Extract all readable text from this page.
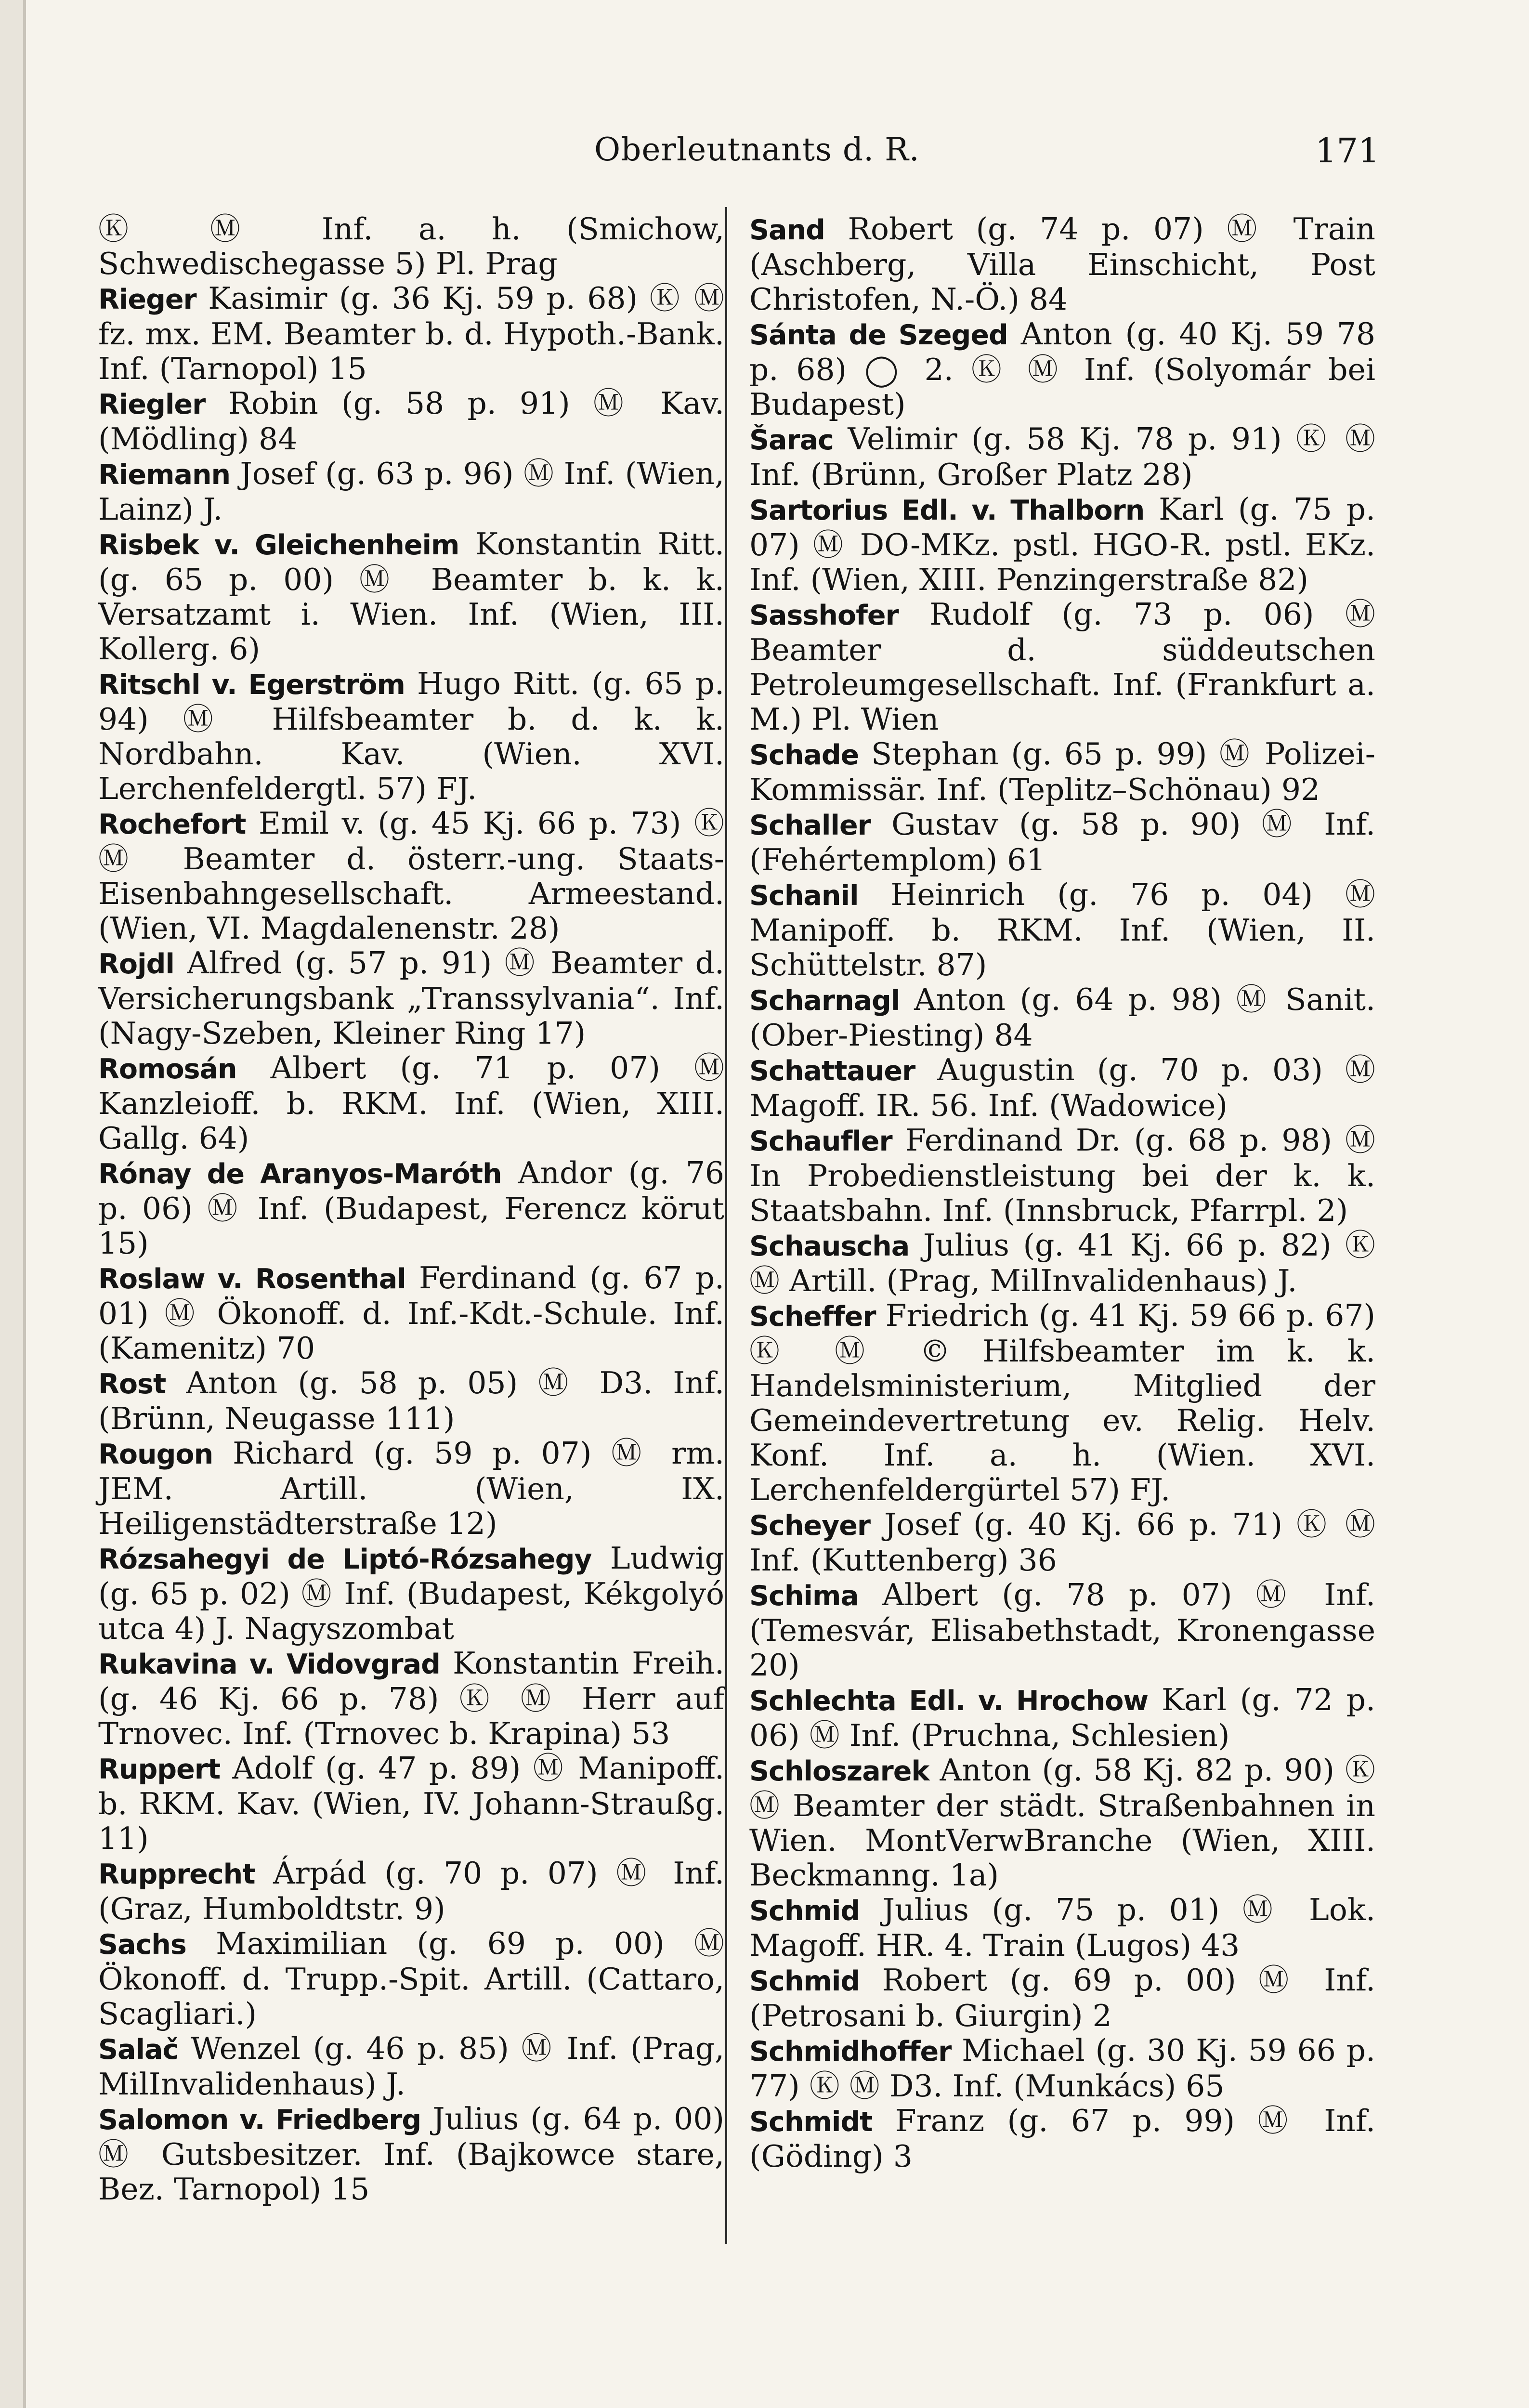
Oberleutnants d. R.	171

Ⓚ Ⓜ Inf. a. h. (Smichow, Schwedischegasse 5) Pl. Prag

Rieger Kasimir (g. 36 Kj. 59 p. 68) Ⓚ Ⓜ fz. mx. EM. Beamter b. d. Hypoth.-Bank. Inf. (Tarnopol) 15

Riegler Robin (g. 58 p. 91) Ⓜ Kav. (Mödling) 84

Riemann Josef (g. 63 p. 96) Ⓜ Inf. (Wien, Lainz) J.

Risbek v. Gleichenheim Konstantin Ritt. (g. 65 p. 00) Ⓜ Beamter b. k. k. Versatzamt i. Wien. Inf. (Wien, III. Kollerg. 6)

Ritschl v. Egerström Hugo Ritt. (g. 65 p. 94) Ⓜ Hilfsbeamter b. d. k. k. Nordbahn. Kav. (Wien. XVI. Lerchenfeldergtl. 57) FJ.

Rochefort Emil v. (g. 45 Kj. 66 p. 73) Ⓚ Ⓜ Beamter d. österr.-ung. Staats-Eisenbahngesellschaft. Armeestand. (Wien, VI. Magdalenenstr. 28)

Rojdl Alfred (g. 57 p. 91) Ⓜ Beamter d. Versicherungsbank „Transsylvania“. Inf. (Nagy-Szeben, Kleiner Ring 17)

Romosán Albert (g. 71 p. 07) Ⓜ Kanzleioff. b. RKM. Inf. (Wien, XIII. Gallg. 64)

Rónay de Aranyos-Maróth Andor (g. 76 p. 06) Ⓜ Inf. (Budapest, Ferencz körut 15)

Roslaw v. Rosenthal Ferdinand (g. 67 p. 01) Ⓜ Ökonoff. d. Inf.-Kdt.-Schule. Inf. (Kamenitz) 70

Rost Anton (g. 58 p. 05) Ⓜ D3. Inf. (Brünn, Neugasse 111)

Rougon Richard (g. 59 p. 07) Ⓜ rm. JEM. Artill. (Wien, IX. Heiligenstädterstraße 12)

Rózsahegyi de Liptó-Rózsahegy Ludwig (g. 65 p. 02) Ⓜ Inf. (Budapest, Kékgolyó utca 4) J. Nagyszombat

Rukavina v. Vidovgrad Konstantin Freih. (g. 46 Kj. 66 p. 78) Ⓚ Ⓜ Herr auf Trnovec. Inf. (Trnovec b. Krapina) 53

Ruppert Adolf (g. 47 p. 89) Ⓜ Manipoff. b. RKM. Kav. (Wien, IV. Johann-Straußg. 11)

Rupprecht Árpád (g. 70 p. 07) Ⓜ Inf. (Graz, Humboldtstr. 9)

Sachs Maximilian (g. 69 p. 00) Ⓜ Ökonoff. d. Trupp.-Spit. Artill. (Cattaro, Scagliari.)

Salač Wenzel (g. 46 p. 85) Ⓜ Inf. (Prag, MilInvalidenhaus) J.

Salomon v. Friedberg Julius (g. 64 p. 00) Ⓜ Gutsbesitzer. Inf. (Bajkowce stare, Bez. Tarnopol) 15

Sand Robert (g. 74 p. 07) Ⓜ Train (Aschberg, Villa Einschicht, Post Christofen, N.-Ö.) 84

Sánta de Szeged Anton (g. 40 Kj. 59 78 p. 68) ◯ 2. Ⓚ Ⓜ Inf. (Solyomár bei Budapest)

Šarac Velimir (g. 58 Kj. 78 p. 91) Ⓚ Ⓜ Inf. (Brünn, Großer Platz 28)

Sartorius Edl. v. Thalborn Karl (g. 75 p. 07) Ⓜ DO-MKz. pstl. HGO-R. pstl. EKz. Inf. (Wien, XIII. Penzingerstraße 82)

Sasshofer Rudolf (g. 73 p. 06) Ⓜ Beamter d. süddeutschen Petroleumgesellschaft. Inf. (Frankfurt a. M.) Pl. Wien

Schade Stephan (g. 65 p. 99) Ⓜ Polizei-Kommissär. Inf. (Teplitz–Schönau) 92

Schaller Gustav (g. 58 p. 90) Ⓜ Inf. (Fehértemplom) 61

Schanil Heinrich (g. 76 p. 04) Ⓜ Manipoff. b. RKM. Inf. (Wien, II. Schüttelstr. 87)

Scharnagl Anton (g. 64 p. 98) Ⓜ Sanit. (Ober-Piesting) 84

Schattauer Augustin (g. 70 p. 03) Ⓜ Magoff. IR. 56. Inf. (Wadowice)

Schaufler Ferdinand Dr. (g. 68 p. 98) Ⓜ In Probedienstleistung bei der k. k. Staatsbahn. Inf. (Innsbruck, Pfarrpl. 2)

Schauscha Julius (g. 41 Kj. 66 p. 82) Ⓚ Ⓜ Artill. (Prag, MilInvalidenhaus) J.

Scheffer Friedrich (g. 41 Kj. 59 66 p. 67) Ⓚ Ⓜ © Hilfsbeamter im k. k. Handelsministerium, Mitglied der Gemeindevertretung ev. Relig. Helv. Konf. Inf. a. h. (Wien. XVI. Lerchenfeldergürtel 57) FJ.

Scheyer Josef (g. 40 Kj. 66 p. 71) Ⓚ Ⓜ Inf. (Kuttenberg) 36

Schima Albert (g. 78 p. 07) Ⓜ Inf. (Temesvár, Elisabethstadt, Kronengasse 20)

Schlechta Edl. v. Hrochow Karl (g. 72 p. 06) Ⓜ Inf. (Pruchna, Schlesien)

Schloszarek Anton (g. 58 Kj. 82 p. 90) Ⓚ Ⓜ Beamter der städt. Straßenbahnen in Wien. MontVerwBranche (Wien, XIII. Beckmanng. 1a)

Schmid Julius (g. 75 p. 01) Ⓜ Lok. Magoff. HR. 4. Train (Lugos) 43

Schmid Robert (g. 69 p. 00) Ⓜ Inf. (Petrosani b. Giurgin) 2

Schmidhoffer Michael (g. 30 Kj. 59 66 p. 77) Ⓚ Ⓜ D3. Inf. (Munkács) 65

Schmidt Franz (g. 67 p. 99) Ⓜ Inf. (Göding) 3
